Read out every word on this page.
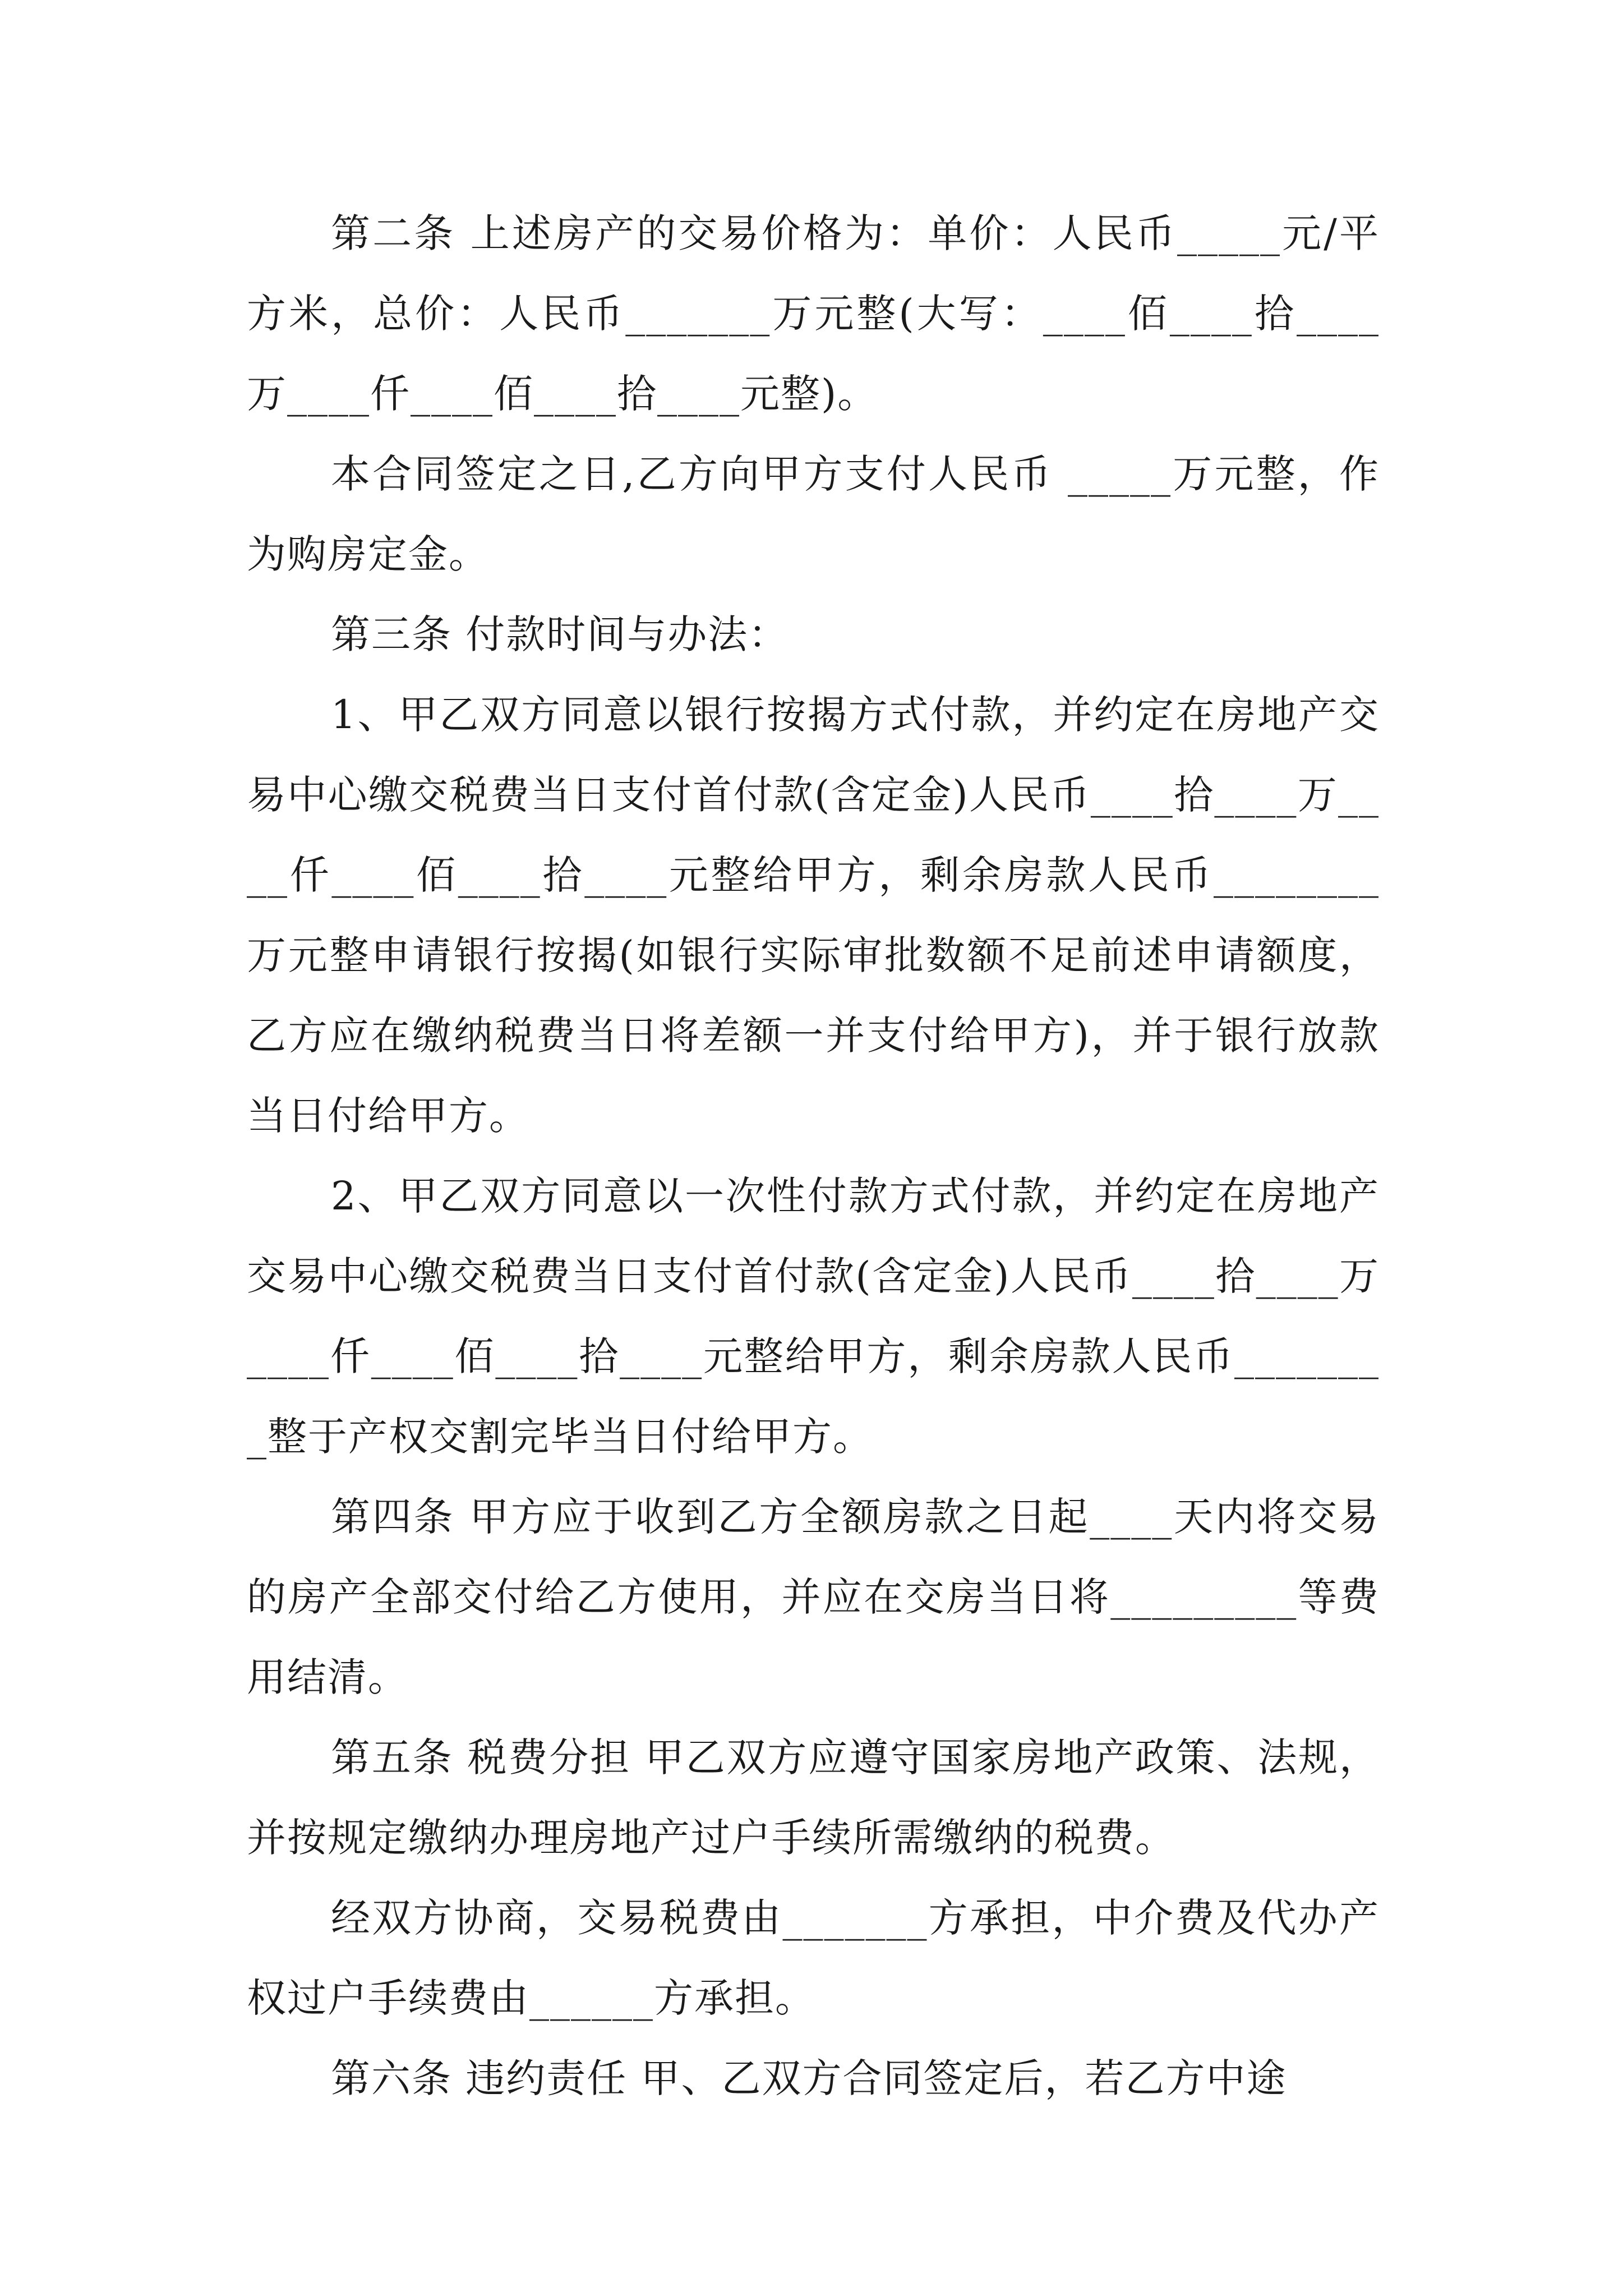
第二条 上述房产的交易价格为：单价：人民币_____元/平方米，总价：人民币_______万元整(大写：____佰____拾____万____仟____佰____拾____元整)。

本合同签定之日,乙方向甲方支付人民币 _____万元整，作为购房定金。

第三条 付款时间与办法：

1、甲乙双方同意以银行按揭方式付款，并约定在房地产交易中心缴交税费当日支付首付款(含定金)人民币____拾____万____仟____佰____拾____元整给甲方，剩余房款人民币________万元整申请银行按揭(如银行实际审批数额不足前述申请额度，乙方应在缴纳税费当日将差额一并支付给甲方)，并于银行放款当日付给甲方。

2、甲乙双方同意以一次性付款方式付款，并约定在房地产交易中心缴交税费当日支付首付款(含定金)人民币____拾____万____仟____佰____拾____元整给甲方，剩余房款人民币________整于产权交割完毕当日付给甲方。

第四条 甲方应于收到乙方全额房款之日起____天内将交易的房产全部交付给乙方使用，并应在交房当日将_________等费用结清。

第五条 税费分担 甲乙双方应遵守国家房地产政策、法规，并按规定缴纳办理房地产过户手续所需缴纳的税费。

经双方协商，交易税费由_______方承担，中介费及代办产权过户手续费由______方承担。

第六条 违约责任 甲、乙双方合同签定后，若乙方中途
